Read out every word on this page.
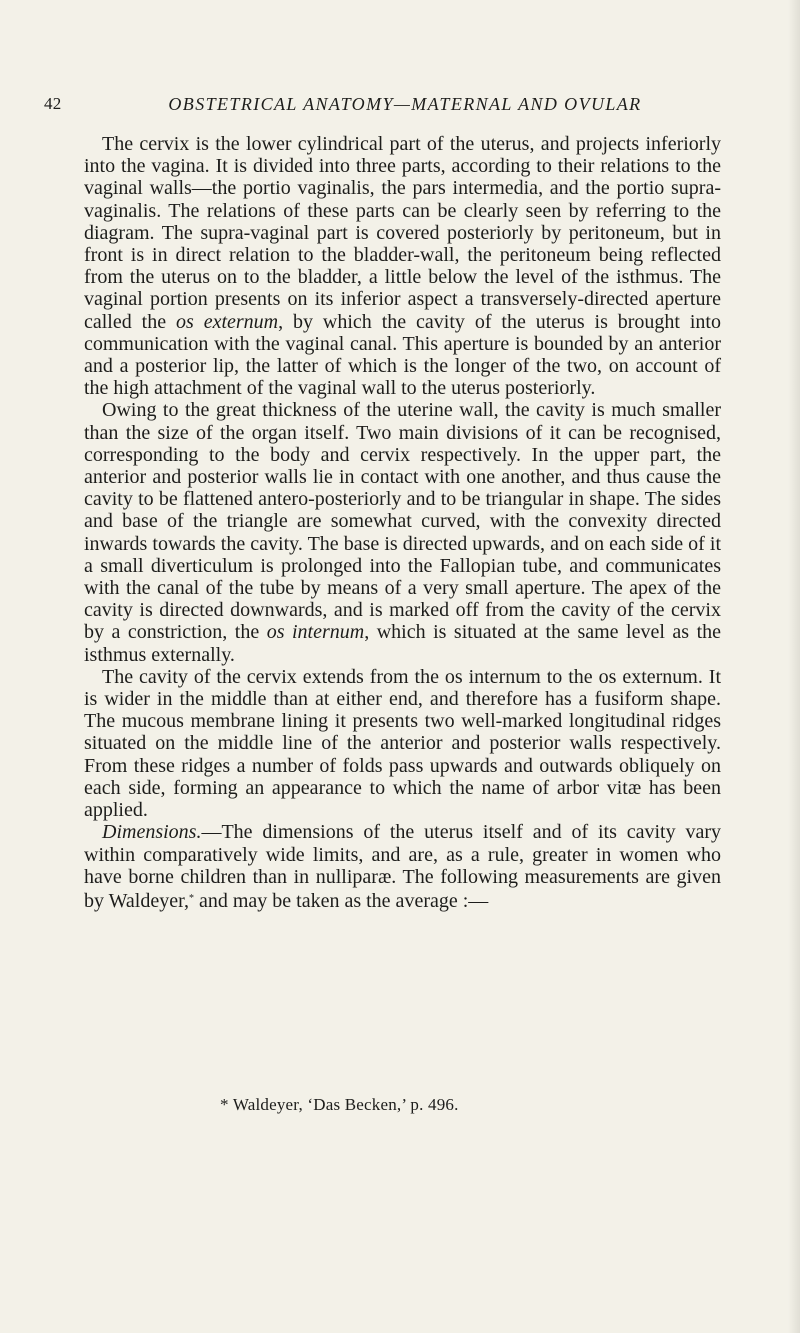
42	OBSTETRICAL ANATOMY—MATERNAL AND OVULAR

The cervix is the lower cylindrical part of the uterus, and projects inferiorly into the vagina. It is divided into three parts, according to their relations to the vaginal walls—the portio vaginalis, the pars intermedia, and the portio supra-vaginalis. The relations of these parts can be clearly seen by referring to the diagram. The supra-vaginal part is covered posteriorly by peritoneum, but in front is in direct relation to the bladder-wall, the peritoneum being reflected from the uterus on to the bladder, a little below the level of the isthmus. The vaginal portion presents on its inferior aspect a transversely-directed aperture called the os externum, by which the cavity of the uterus is brought into communication with the vaginal canal. This aperture is bounded by an anterior and a posterior lip, the latter of which is the longer of the two, on account of the high attachment of the vaginal wall to the uterus posteriorly.

Owing to the great thickness of the uterine wall, the cavity is much smaller than the size of the organ itself. Two main divisions of it can be recognised, corresponding to the body and cervix respectively. In the upper part, the anterior and posterior walls lie in contact with one another, and thus cause the cavity to be flattened antero-posteriorly and to be triangular in shape. The sides and base of the triangle are somewhat curved, with the convexity directed inwards towards the cavity. The base is directed upwards, and on each side of it a small diverticulum is prolonged into the Fallopian tube, and communicates with the canal of the tube by means of a very small aperture. The apex of the cavity is directed downwards, and is marked off from the cavity of the cervix by a constriction, the os internum, which is situated at the same level as the isthmus externally.

The cavity of the cervix extends from the os internum to the os externum. It is wider in the middle than at either end, and therefore has a fusiform shape. The mucous membrane lining it presents two well-marked longitudinal ridges situated on the middle line of the anterior and posterior walls respectively. From these ridges a number of folds pass upwards and outwards obliquely on each side, forming an appearance to which the name of arbor vitæ has been applied.

Dimensions.—The dimensions of the uterus itself and of its cavity vary within comparatively wide limits, and are, as a rule, greater in women who have borne children than in nulliparæ. The following measurements are given by Waldeyer,* and may be taken as the average :—

* Waldeyer, ‘Das Becken,’ p. 496.
